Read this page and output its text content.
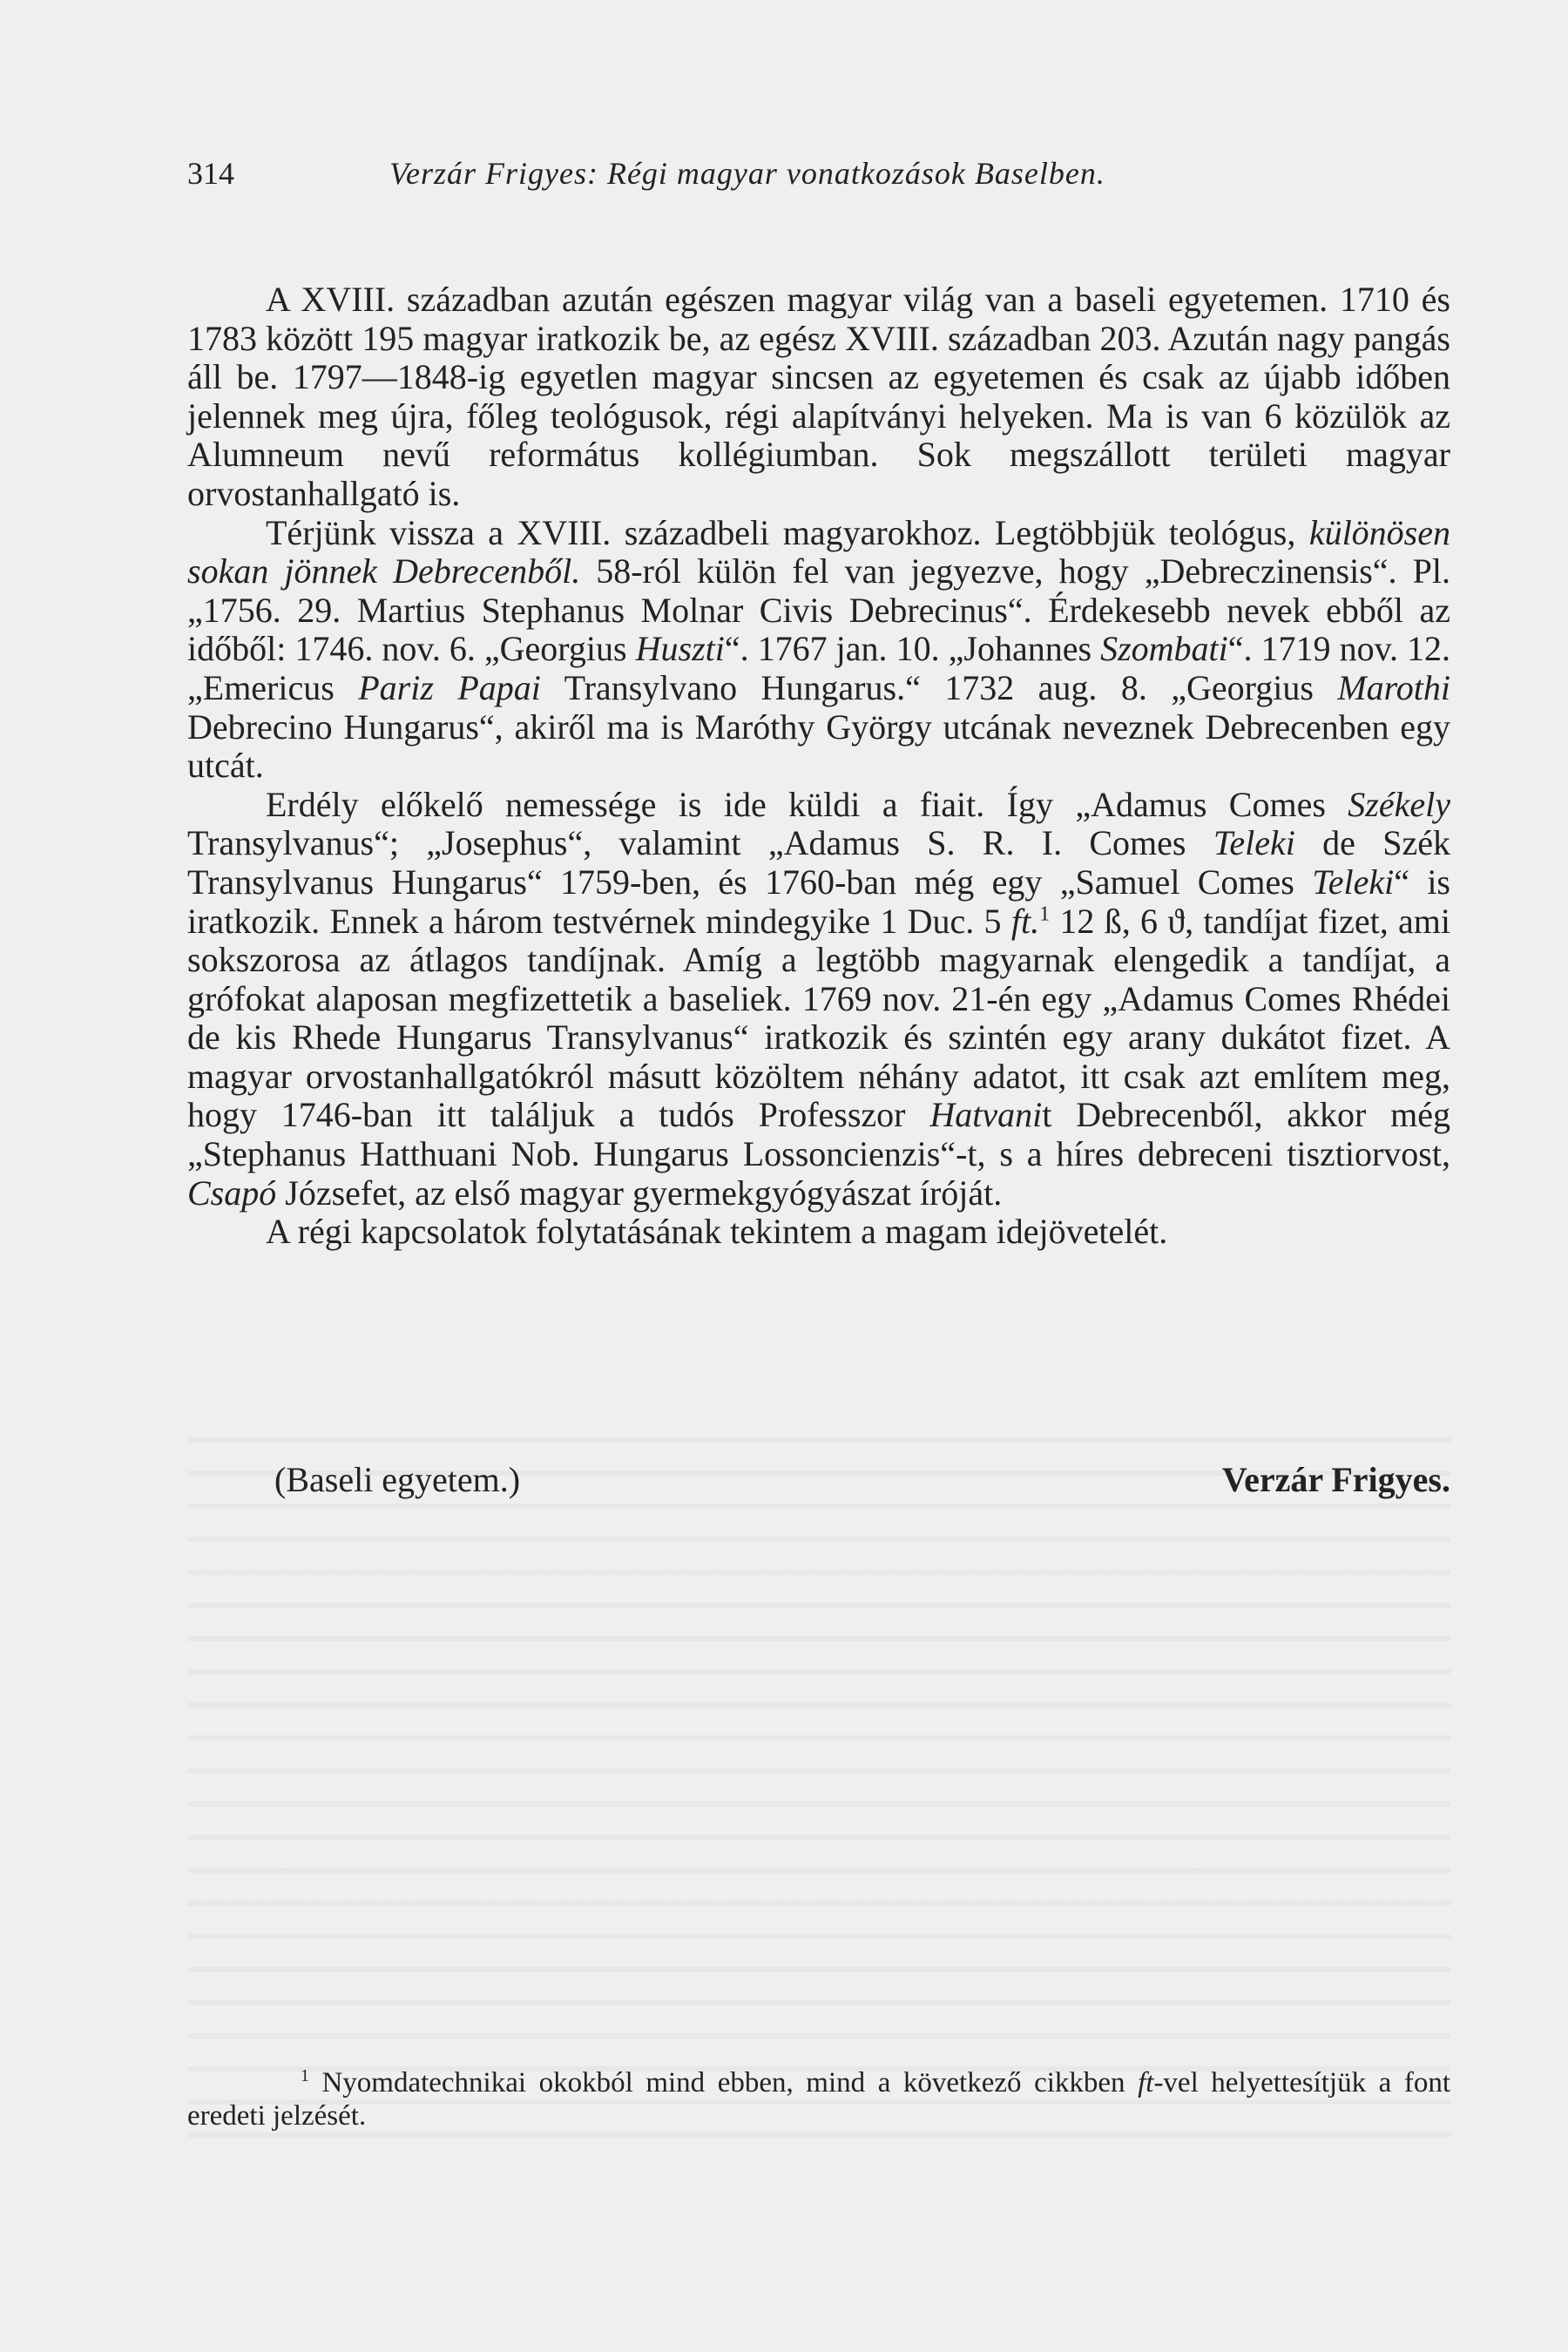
314	Verzár Frigyes: Régi magyar vonatkozások Baselben.

A XVIII. században azután egészen magyar világ van a baseli egyetemen. 1710 és 1783 között 195 magyar iratkozik be, az egész XVIII. században 203. Azután nagy pangás áll be. 1797—1848-ig egyetlen magyar sincsen az egyetemen és csak az újabb időben jelennek meg újra, főleg teológusok, régi alapítványi helyeken. Ma is van 6 közülök az Alumneum nevű református kollégiumban. Sok megszállott területi magyar orvostanhallgató is.

Térjünk vissza a XVIII. századbeli magyarokhoz. Legtöbbjük teológus, különösen sokan jönnek Debrecenből. 58-ról külön fel van jegyezve, hogy „Debreczinensis“. Pl. „1756. 29. Martius Stephanus Molnar Civis Debrecinus“. Érdekesebb nevek ebből az időből: 1746. nov. 6. „Georgius Huszti“. 1767 jan. 10. „Johannes Szombati“. 1719 nov. 12. „Emericus Pariz Papai Transylvano Hungarus.“ 1732 aug. 8. „Georgius Marothi Debrecino Hungarus“, akiről ma is Maróthy György utcának neveznek Debrecenben egy utcát.

Erdély előkelő nemessége is ide küldi a fiait. Így „Adamus Comes Székely Transylvanus“; „Josephus“, valamint „Adamus S. R. I. Comes Teleki de Szék Transylvanus Hungarus“ 1759-ben, és 1760-ban még egy „Samuel Comes Teleki“ is iratkozik. Ennek a három testvérnek mindegyike 1 Duc. 5 ft.$^1$ 12 ß, 6 ϑ, tandíjat fizet, ami sokszorosa az átlagos tandíjnak. Amíg a legtöbb magyarnak elengedik a tandíjat, a grófokat alaposan megfizettetik a baseliek. 1769 nov. 21-én egy „Adamus Comes Rhédei de kis Rhede Hungarus Transylvanus“ iratkozik és szintén egy arany dukátot fizet. A magyar orvostanhallgatókról másutt közöltem néhány adatot, itt csak azt említem meg, hogy 1746-ban itt találjuk a tudós Professzor Hatvanit Debrecenből, akkor még „Stephanus Hatthuani Nob. Hungarus Lossoncienzis“-t, s a híres debreceni tisztiorvost, Csapó Józsefet, az első magyar gyermekgyógyászat íróját.

A régi kapcsolatok folytatásának tekintem a magam idejövetelét.

(Baseli egyetem.)	Verzár Frigyes.

$^1$ Nyomdatechnikai okokból mind ebben, mind a következő cikkben ft-vel helyettesítjük a font eredeti jelzését.
